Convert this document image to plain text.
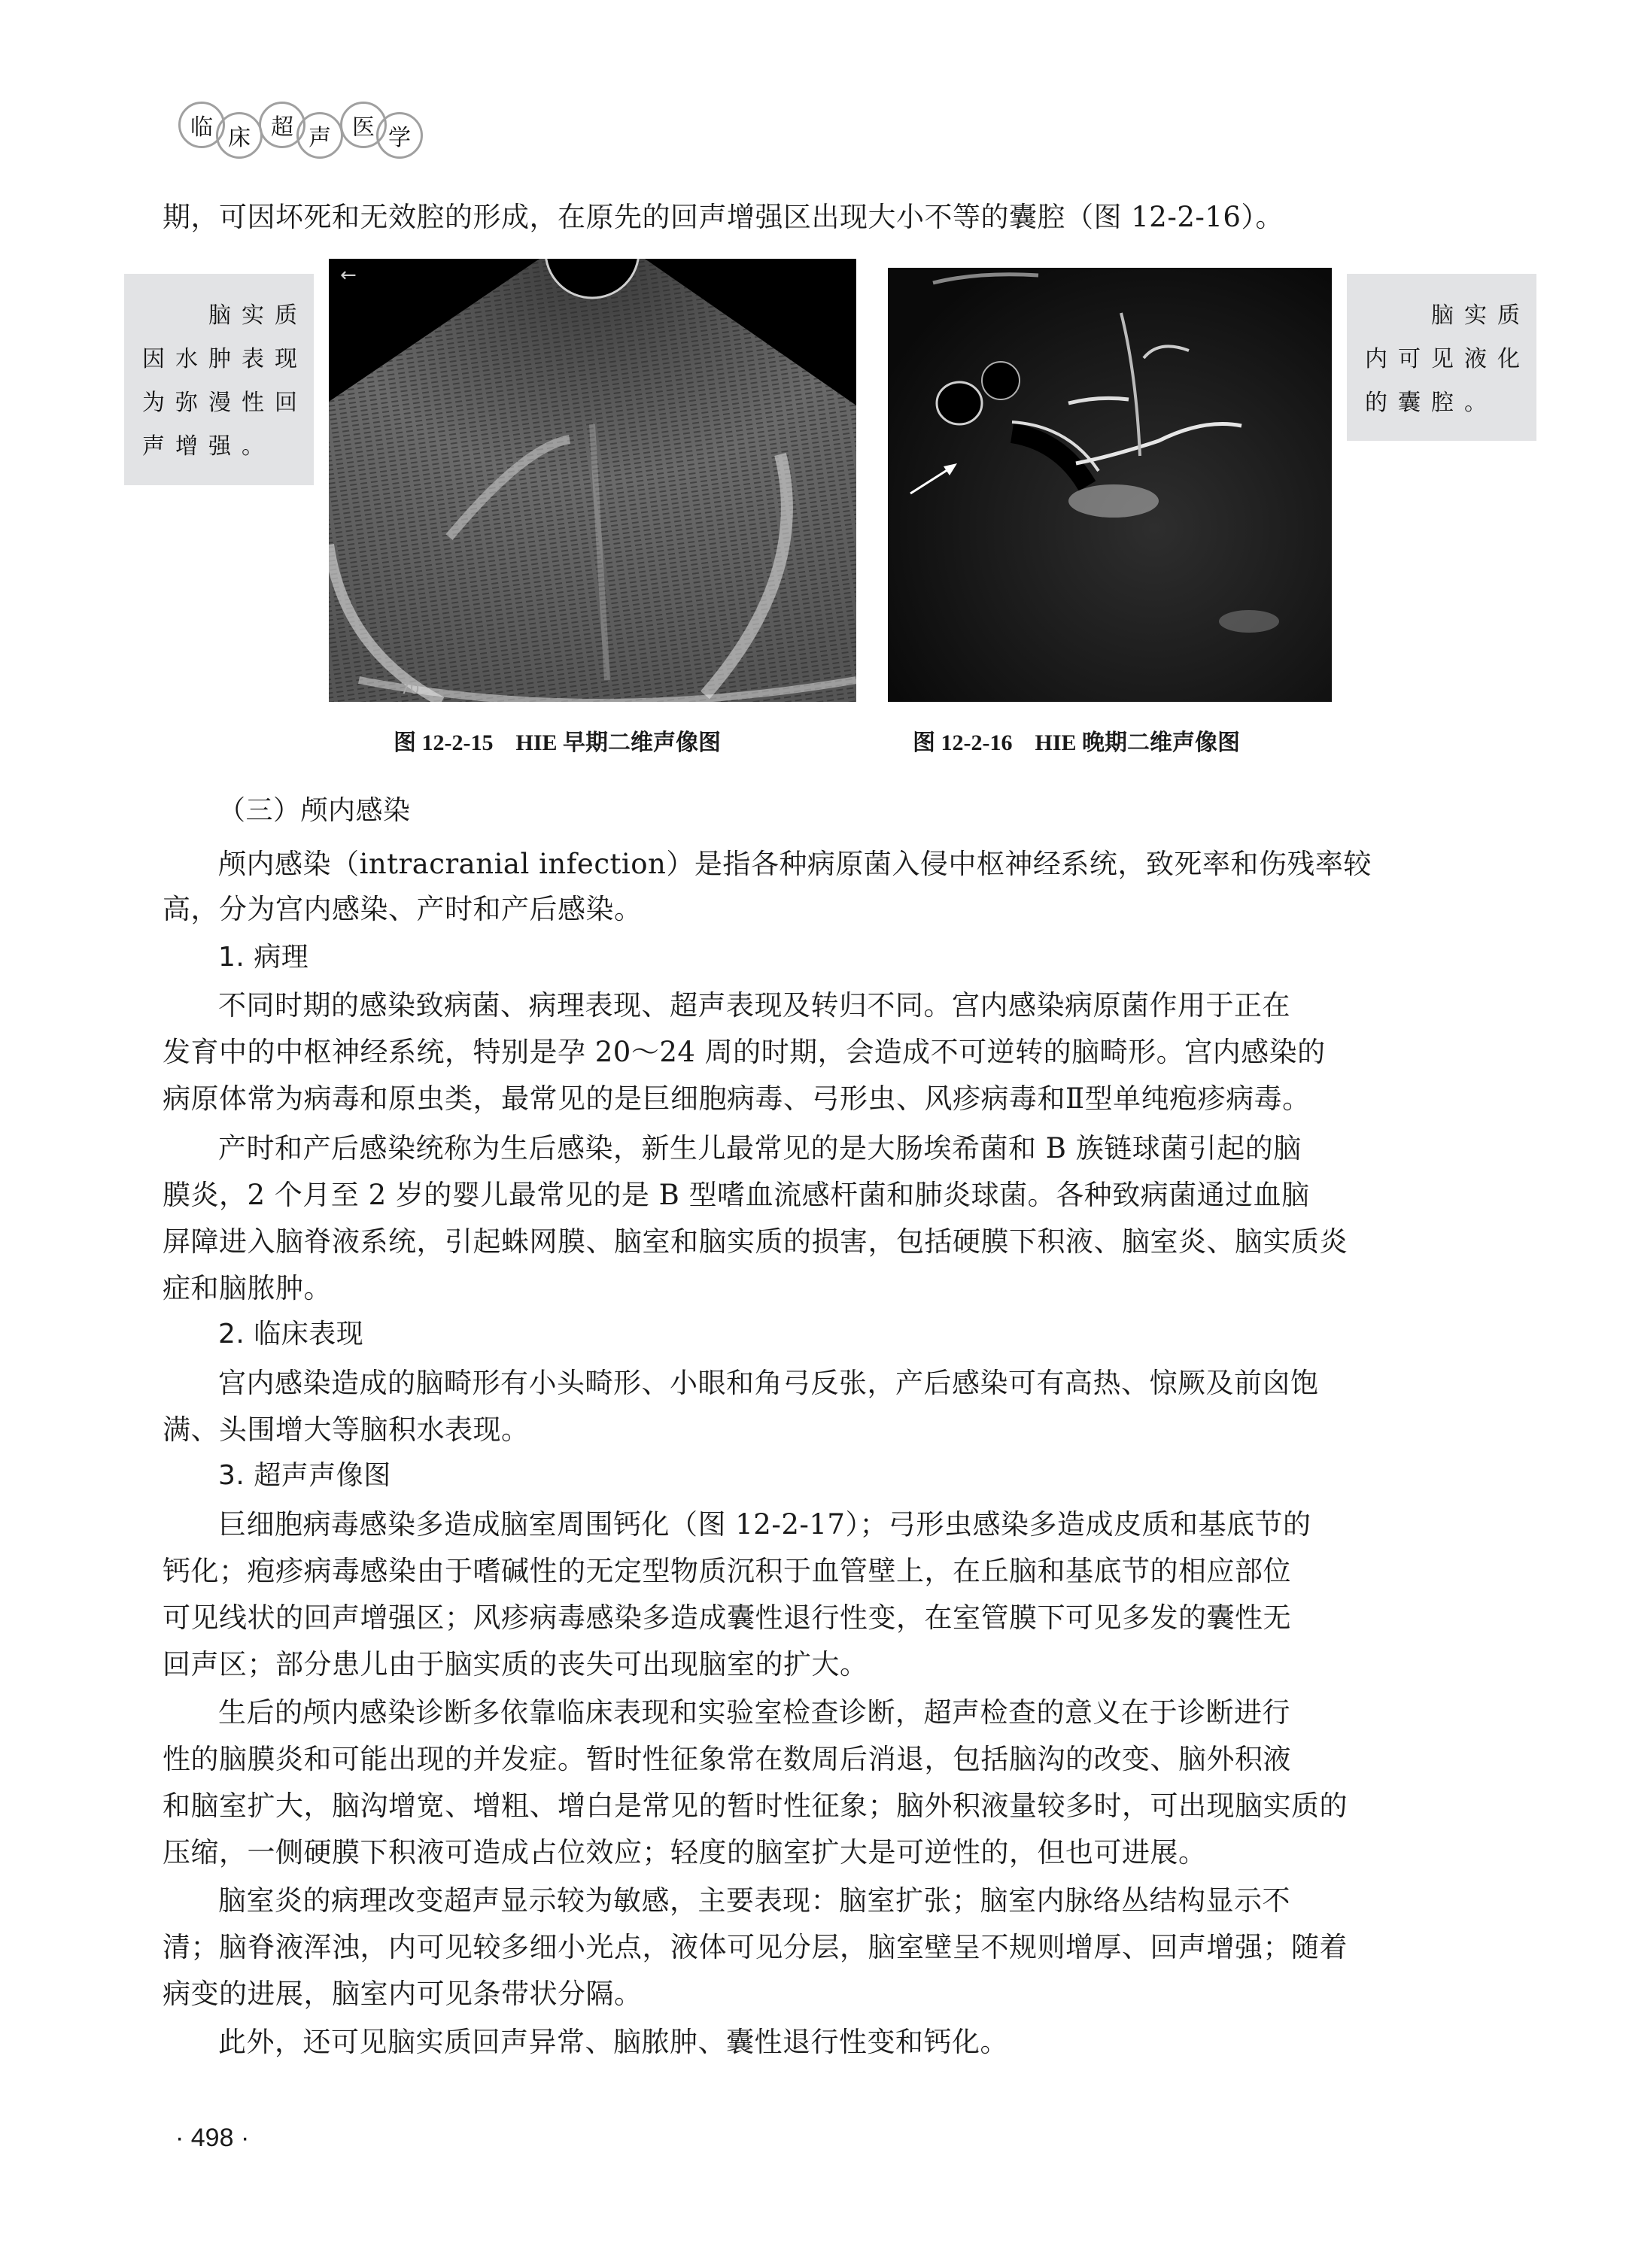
临 床 超 声 医 学
期，可因坏死和无效腔的形成，在原先的回声增强区出现大小不等的囊腔（图 12-2-16）。
脑实质
因水肿表现
为弥漫性回
声增强。
←
70
脑实质
内可见液化
的囊腔。
图 12-2-15　HIE 早期二维声像图	图 12-2-16　HIE 晚期二维声像图
（三）颅内感染
颅内感染（intracranial infection）是指各种病原菌入侵中枢神经系统，致死率和伤残率较
高，分为宫内感染、产时和产后感染。
1. 病理
不同时期的感染致病菌、病理表现、超声表现及转归不同。宫内感染病原菌作用于正在
发育中的中枢神经系统，特别是孕 20～24 周的时期，会造成不可逆转的脑畸形。宫内感染的
病原体常为病毒和原虫类，最常见的是巨细胞病毒、弓形虫、风疹病毒和Ⅱ型单纯疱疹病毒。
产时和产后感染统称为生后感染，新生儿最常见的是大肠埃希菌和 B 族链球菌引起的脑
膜炎，2 个月至 2 岁的婴儿最常见的是 B 型嗜血流感杆菌和肺炎球菌。各种致病菌通过血脑
屏障进入脑脊液系统，引起蛛网膜、脑室和脑实质的损害，包括硬膜下积液、脑室炎、脑实质炎
症和脑脓肿。
2. 临床表现
宫内感染造成的脑畸形有小头畸形、小眼和角弓反张，产后感染可有高热、惊厥及前囟饱
满、头围增大等脑积水表现。
3. 超声声像图
巨细胞病毒感染多造成脑室周围钙化（图 12-2-17）；弓形虫感染多造成皮质和基底节的
钙化；疱疹病毒感染由于嗜碱性的无定型物质沉积于血管壁上，在丘脑和基底节的相应部位
可见线状的回声增强区；风疹病毒感染多造成囊性退行性变，在室管膜下可见多发的囊性无
回声区；部分患儿由于脑实质的丧失可出现脑室的扩大。
生后的颅内感染诊断多依靠临床表现和实验室检查诊断，超声检查的意义在于诊断进行
性的脑膜炎和可能出现的并发症。暂时性征象常在数周后消退，包括脑沟的改变、脑外积液
和脑室扩大，脑沟增宽、增粗、增白是常见的暂时性征象；脑外积液量较多时，可出现脑实质的
压缩，一侧硬膜下积液可造成占位效应；轻度的脑室扩大是可逆性的，但也可进展。
脑室炎的病理改变超声显示较为敏感，主要表现：脑室扩张；脑室内脉络丛结构显示不
清；脑脊液浑浊，内可见较多细小光点，液体可见分层，脑室壁呈不规则增厚、回声增强；随着
病变的进展，脑室内可见条带状分隔。
此外，还可见脑实质回声异常、脑脓肿、囊性退行性变和钙化。
· 498 ·
